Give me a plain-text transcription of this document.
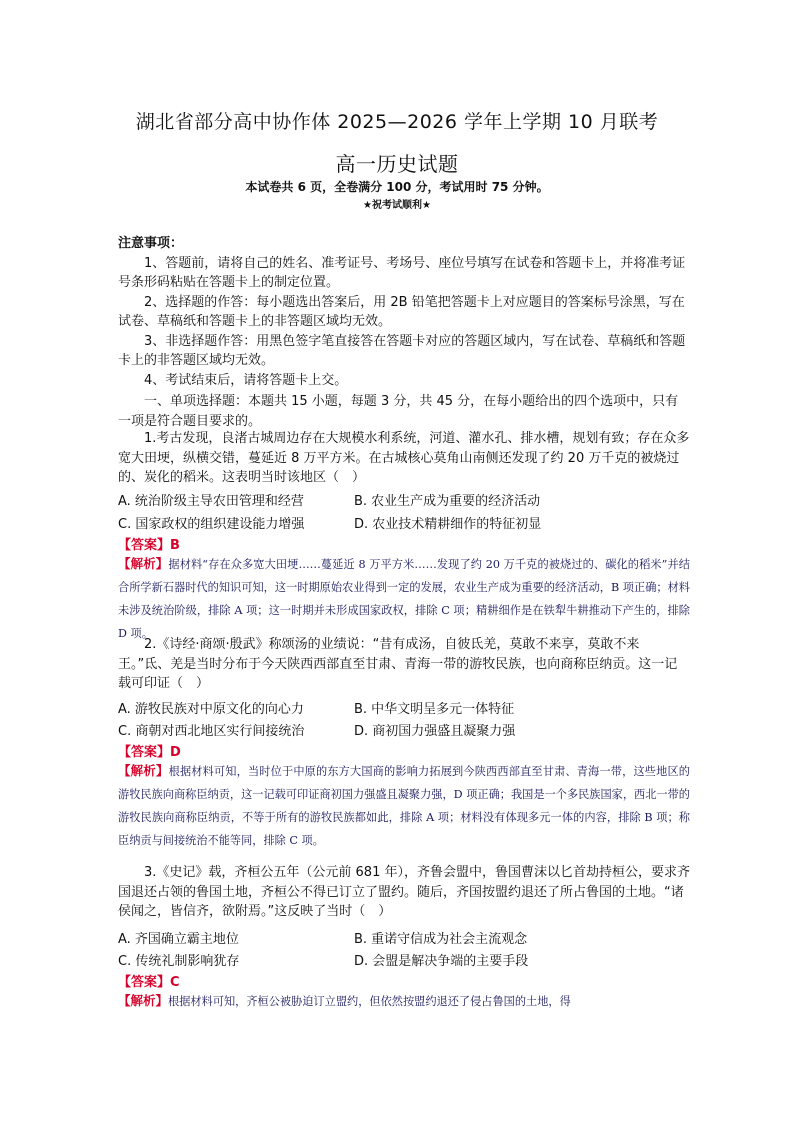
湖北省部分高中协作体 2025—2026 学年上学期 10 月联考
高一历史试题
本试卷共 6 页，全卷满分 100 分，考试用时 75 分钟。
★祝考试顺利★

注意事项：

1、答题前，请将自己的姓名、准考证号、考场号、座位号填写在试卷和答题卡上，并将准考证号条形码粘贴在答题卡上的制定位置。

2、选择题的作答：每小题选出答案后，用 2B 铅笔把答题卡上对应题目的答案标号涂黑，写在试卷、草稿纸和答题卡上的非答题区域均无效。

3、非选择题作答：用黑色签字笔直接答在答题卡对应的答题区域内，写在试卷、草稿纸和答题卡上的非答题区域均无效。

4、考试结束后，请将答题卡上交。

一、单项选择题：本题共 15 小题，每题 3 分，共 45 分，在每小题给出的四个选项中，只有一项是符合题目要求的。

1.考古发现，良渚古城周边存在大规模水利系统，河道、灌水孔、排水槽，规划有致；存在众多宽大田埂，纵横交错，蔓延近 8 万平方米。在古城核心莫角山南侧还发现了约 20 万千克的被烧过的、炭化的稻米。这表明当时该地区（　）

A. 统治阶级主导农田管理和经营	B. 农业生产成为重要的经济活动
C. 国家政权的组织建设能力增强	D. 农业技术精耕细作的特征初显
【答案】B
【解析】据材料“存在众多宽大田埂……蔓延近 8 万平方米……发现了约 20 万千克的被烧过的、碳化的稻米”并结合所学新石器时代的知识可知，这一时期原始农业得到一定的发展，农业生产成为重要的经济活动，B 项正确；材料未涉及统治阶级，排除 A 项；这一时期并未形成国家政权，排除 C 项；精耕细作是在铁犁牛耕推动下产生的，排除 D 项。

2.《诗经·商颂·殷武》称颂汤的业绩说：“昔有成汤，自彼氐羌，莫敢不来享，莫敢不来王。”氐、羌是当时分布于今天陕西西部直至甘肃、青海一带的游牧民族，也向商称臣纳贡。这一记载可印证（　）

A. 游牧民族对中原文化的向心力	B. 中华文明呈多元一体特征
C. 商朝对西北地区实行间接统治	D. 商初国力强盛且凝聚力强
【答案】D
【解析】根据材料可知，当时位于中原的东方大国商的影响力拓展到今陕西西部直至甘肃、青海一带，这些地区的游牧民族向商称臣纳贡，这一记载可印证商初国力强盛且凝聚力强，D 项正确；我国是一个多民族国家，西北一带的游牧民族向商称臣纳贡，不等于所有的游牧民族都如此，排除 A 项；材料没有体现多元一体的内容，排除 B 项；称臣纳贡与间接统治不能等同，排除 C 项。

3.《史记》载，齐桓公五年（公元前 681 年），齐鲁会盟中，鲁国曹沫以匕首劫持桓公，要求齐国退还占领的鲁国土地，齐桓公不得已订立了盟约。随后，齐国按盟约退还了所占鲁国的土地。“诸侯闻之，皆信齐，欲附焉。”这反映了当时（　）

A. 齐国确立霸主地位	B. 重诺守信成为社会主流观念
C. 传统礼制影响犹存	D. 会盟是解决争端的主要手段
【答案】C
【解析】根据材料可知，齐桓公被胁迫订立盟约，但依然按盟约退还了侵占鲁国的土地，得
